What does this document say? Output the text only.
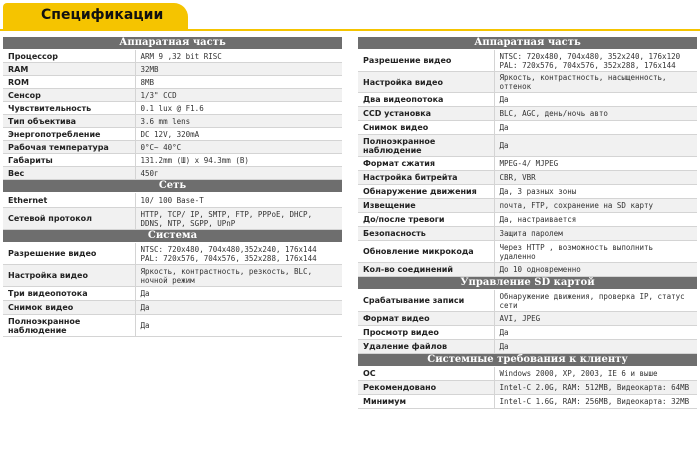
Спецификации
Аппаратная часть	
Процессор	ARM 9 ,32 bit RISC
RAM	32MB
ROM	8MB
Сенсор	1/3" CCD
Чувствительность	0.1 lux @ F1.6
Тип объектива	3.6 mm lens
Энергопотребление	DC 12V, 320mA
Рабочая температура	0°C~ 40°C
Габариты	131.2mm (Ш) x 94.3mm (В)
Вес	450г
Сеть	
Ethernet	10/ 100 Base-T
Сетевой протокол	HTTP, TCP/ IP, SMTP, FTP, PPPoE, DHCP, DDNS, NTP, SGPP, UPnP
Система	
Разрешение видео	NTSC: 720x480, 704x480,352x240, 176x144 PAL: 720x576, 704x576, 352x288, 176x144
Настройка видео	Яркость, контрастность, резкость, BLC, ночной режим
Три видеопотока	Да
Снимок видео	Да
Полноэкранное наблюдение	Да
Аппаратная часть	
Разрешение видео	NTSC: 720x480, 704x480, 352x240, 176x120 PAL: 720x576, 704x576, 352x288, 176x144
Настройка видео	Яркость, контрастность, насыщенность, оттенок
Два видеопотока	Да
CCD установка	BLC, AGC, день/ночь авто
Снимок видео	Да
Полноэкранное наблюдение	Да
Формат сжатия	MPEG-4/ MJPEG
Настройка битрейта	CBR, VBR
Обнаружение движения	Да, 3 разных зоны
Извещение	почта, FTP, сохранение на SD карту
До/после тревоги	Да, настраивается
Безопасность	Защита паролем
Обновление микрокода	Через HTTP , возможность выполнить удаленно
Кол-во соединений	До 10 одновременно
Управление SD картой	
Срабатывание записи	Обнаружение движения, проверка IP, статус сети
Формат видео	AVI, JPEG
Просмотр видео	Да
Удаление файлов	Да
Системные требования к клиенту	
ОС	Windows 2000, XP, 2003, IE 6 и выше
Рекомендовано	Intel-C 2.0G, RAM: 512MB, Видеокарта: 64MB
Минимум	Intel-C 1.6G, RAM: 256MB, Видеокарта: 32MB
